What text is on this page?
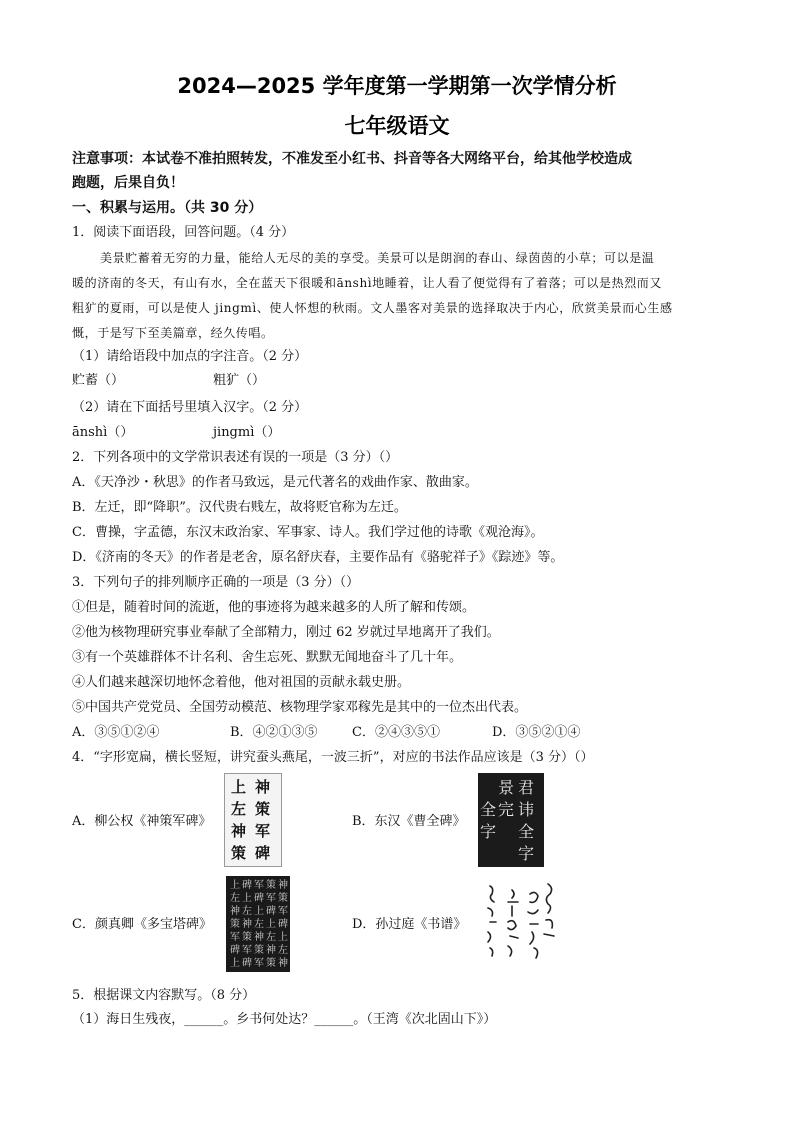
2024—2025 学年度第一学期第一次学情分析
七年级语文
注意事项：本试卷不准拍照转发，不准发至小红书、抖音等各大网络平台，给其他学校造成
跑题，后果自负！
一、积累与运用。（共 30 分）
1．阅读下面语段，回答问题。（4 分）
美景贮蓄着无穷的力量，能给人无尽的美的享受。美景可以是朗润的春山、绿茵茵的小草；可以是温
暖的济南的冬天，有山有水，全在蓝天下很暖和ānshì地睡着，让人看了便觉得有了着落；可以是热烈而又
粗犷的夏雨，可以是使人 jingmì、使人怀想的秋雨。文人墨客对美景的选择取决于内心，欣赏美景而心生感
慨，于是写下至美篇章，经久传唱。
（1）请给语段中加点的字注音。（2 分）
贮蓄（）	粗犷（）
（2）请在下面括号里填入汉字。（2 分）
ānshì（）	jingmì（）
2．下列各项中的文学常识表述有误的一项是（3 分）（）
A．《天净沙・秋思》的作者马致远，是元代著名的戏曲作家、散曲家。
B．左迁，即“降职”。汉代贵右贱左，故将贬官称为左迁。
C．曹操，字孟德，东汉末政治家、军事家、诗人。我们学过他的诗歌《观沧海》。
D．《济南的冬天》的作者是老舍，原名舒庆春，主要作品有《骆驼祥子》《踪迹》等。
3．下列句子的排列顺序正确的一项是（3 分）（）
①但是，随着时间的流逝，他的事迹将为越来越多的人所了解和传颂。
②他为核物理研究事业奉献了全部精力，刚过 62 岁就过早地离开了我们。
③有一个英雄群体不计名利、舍生忘死、默默无闻地奋斗了几十年。
④人们越来越深切地怀念着他，他对祖国的贡献永载史册。
⑤中国共产党党员、全国劳动模范、核物理学家邓稼先是其中的一位杰出代表。
A．③⑤①②④	B．④②①③⑤	C．②④③⑤①	D．③⑤②①④
4．“字形宽扁，横长竖短，讲究蚕头燕尾，一波三折”，对应的书法作品应该是（3 分）（）
A．柳公权《神策军碑》
神
策
军
碑
上
左
神
策
B．东汉《曹全碑》
君
讳
全
字
景
完
全
字
C．颜真卿《多宝塔碑》
神
策
军
碑
上
左
神
策
军
碑
上
左
神
策
军
碑
上
左
神
策
军
碑
上
左
神
策
军
碑
上
左
神
策
军
碑
上
D．孙过庭《书谱》
5．根据课文内容默写。（8 分）
（1）海日生残夜，______。乡书何处达？______。（王湾《次北固山下》）
